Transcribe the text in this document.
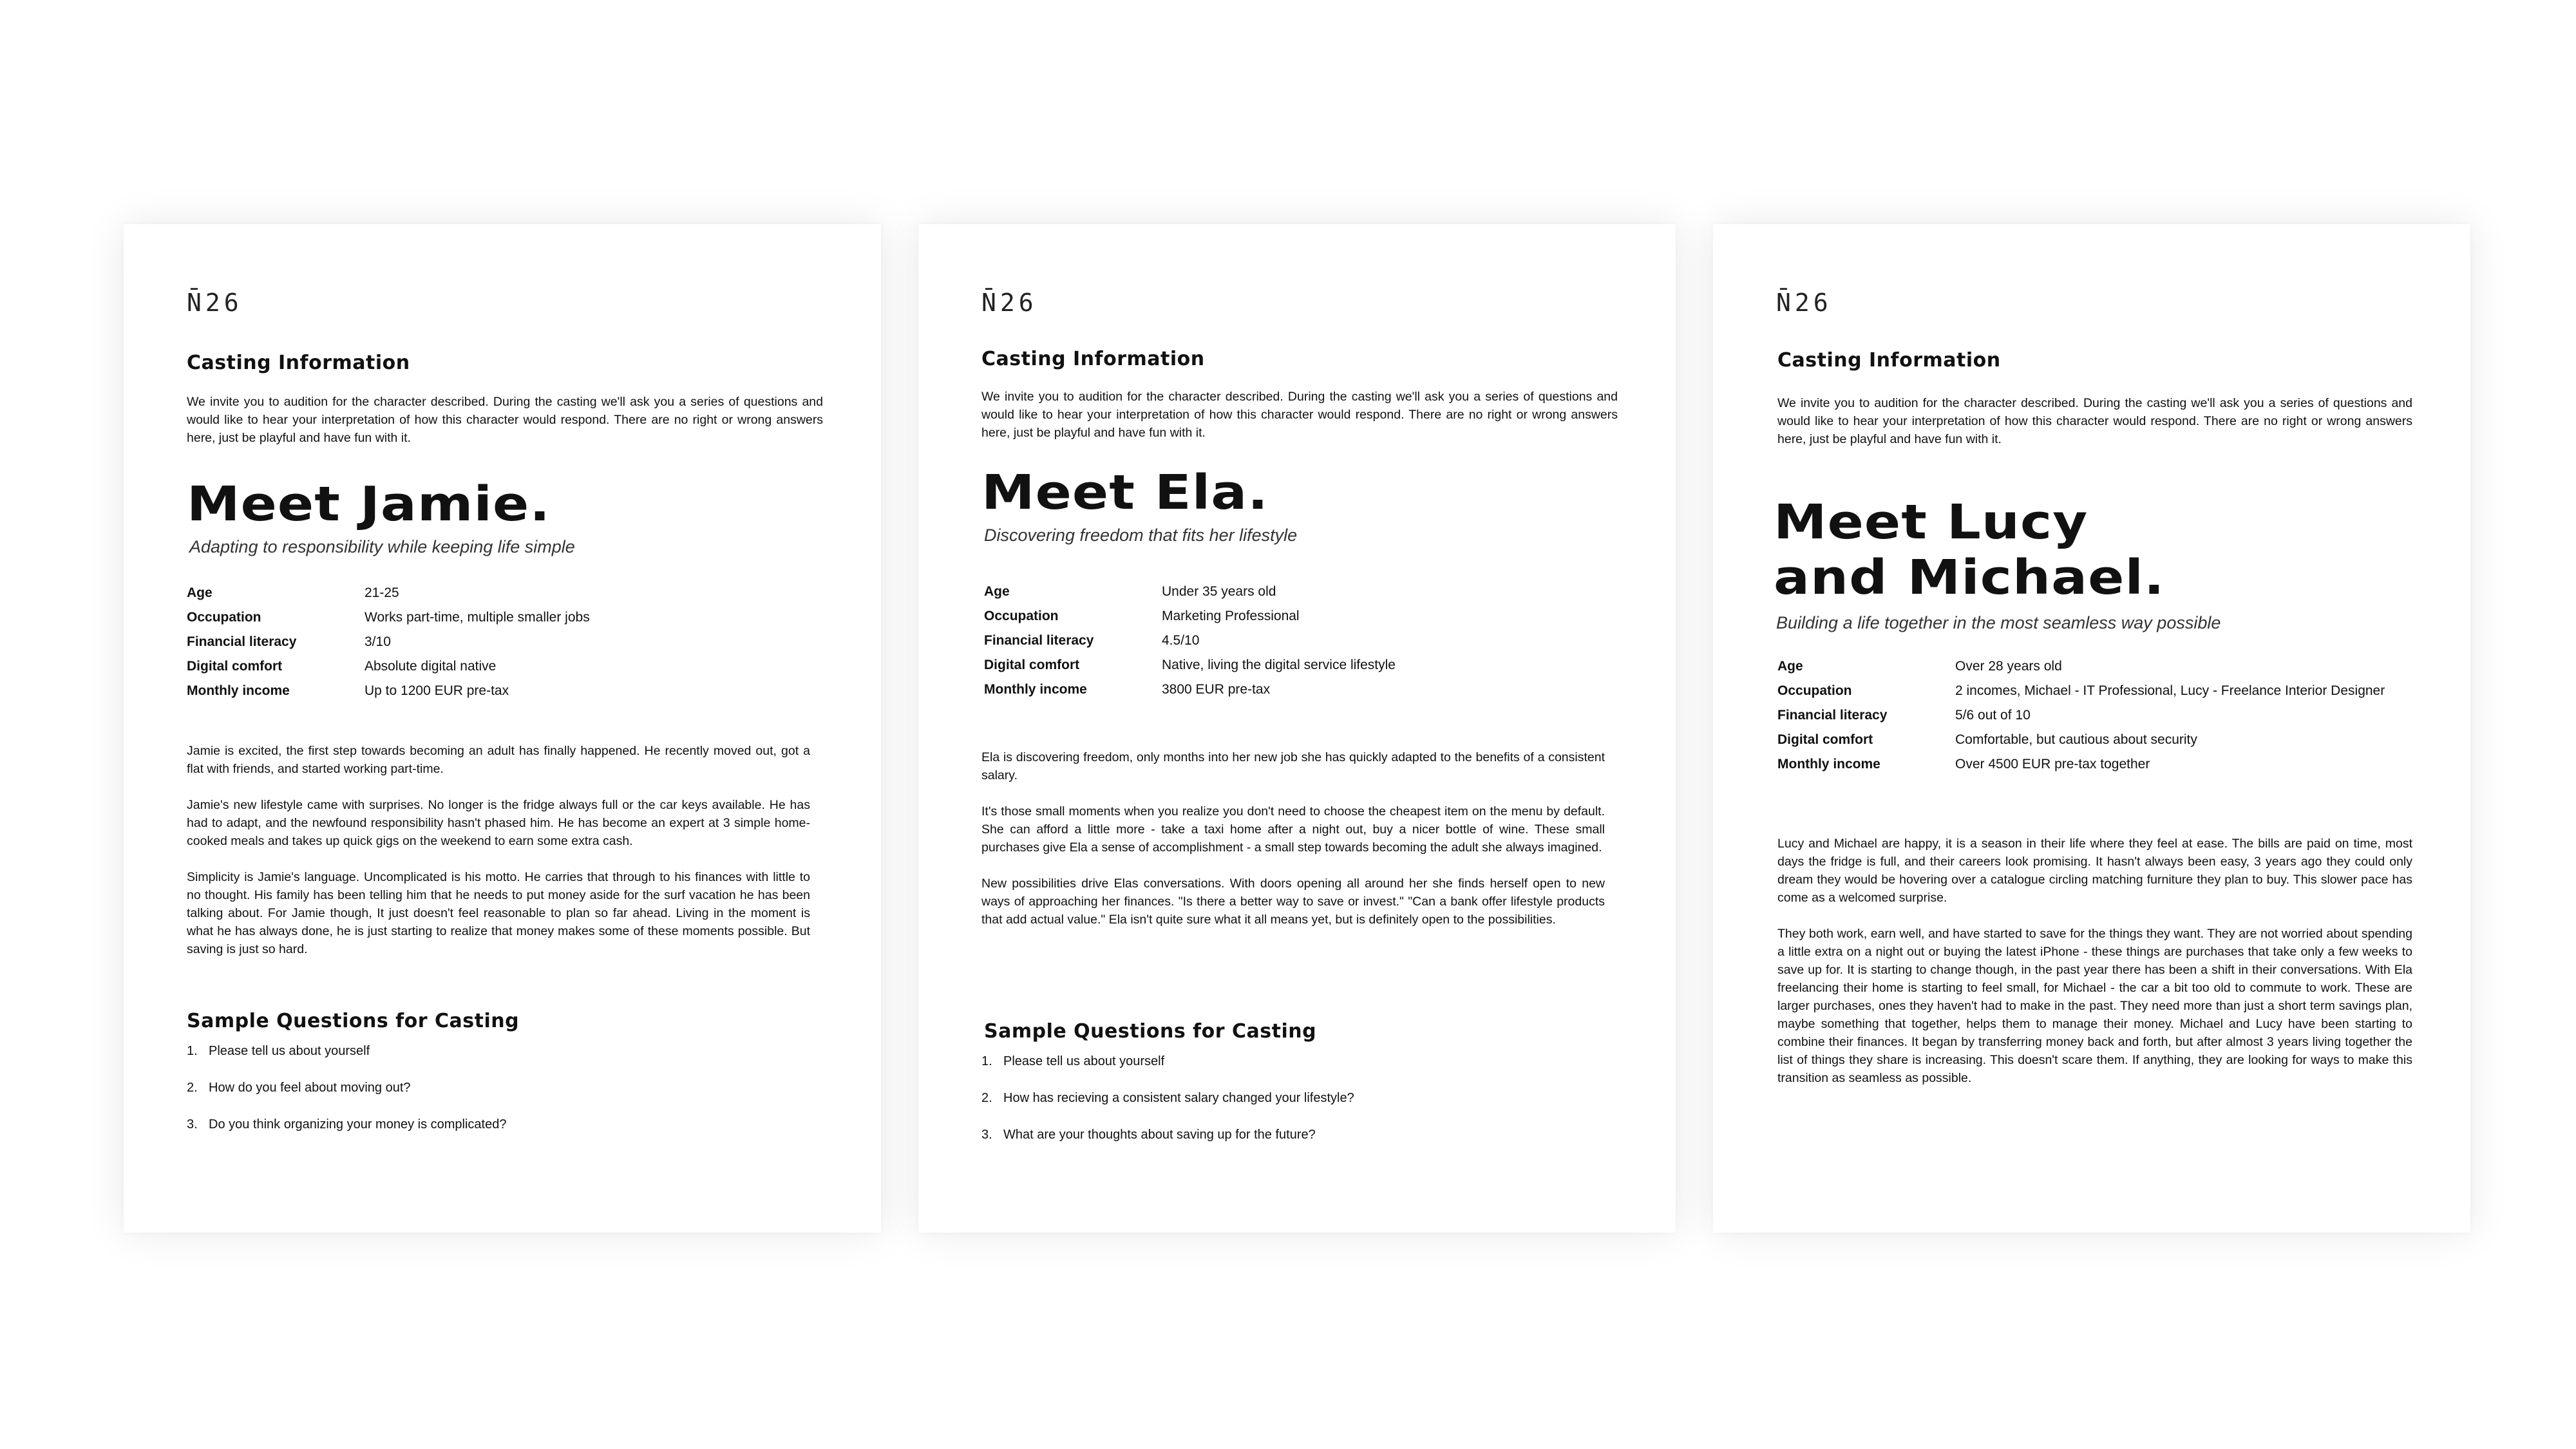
N̄26
Casting Information

We invite you to audition for the character described. During the casting we'll ask you a series of questions and would like to hear your interpretation of how this character would respond. There are no right or wrong answers here, just be playful and have fun with it.

Meet Jamie.

Adapting to responsibility while keeping life simple

Age	21-25
Occupation	Works part-time, multiple smaller jobs
Financial literacy	3/10
Digital comfort	Absolute digital native
Monthly income	Up to 1200 EUR pre-tax

Jamie is excited, the first step towards becoming an adult has finally happened. He recently moved out, got a flat with friends, and started working part-time.

Jamie's new lifestyle came with surprises. No longer is the fridge always full or the car keys available. He has had to adapt, and the newfound responsibility hasn't phased him. He has become an expert at 3 simple home-cooked meals and takes up quick gigs on the weekend to earn some extra cash.

Simplicity is Jamie's language. Uncomplicated is his motto. He carries that through to his finances with little to no thought. His family has been telling him that he needs to put money aside for the surf vacation he has been talking about. For Jamie though, It just doesn't feel reasonable to plan so far ahead. Living in the moment is what he has always done, he is just starting to realize that money makes some of these moments possible. But saving is just so hard.

Sample Questions for Casting
1. Please tell us about yourself
2. How do you feel about moving out?
3. Do you think organizing your money is complicated?
N̄26
Casting Information

We invite you to audition for the character described. During the casting we'll ask you a series of questions and would like to hear your interpretation of how this character would respond. There are no right or wrong answers here, just be playful and have fun with it.

Meet Ela.

Discovering freedom that fits her lifestyle

Age	Under 35 years old
Occupation	Marketing Professional
Financial literacy	4.5/10
Digital comfort	Native, living the digital service lifestyle
Monthly income	3800 EUR pre-tax

Ela is discovering freedom, only months into her new job she has quickly adapted to the benefits of a consistent salary.

It's those small moments when you realize you don't need to choose the cheapest item on the menu by default. She can afford a little more - take a taxi home after a night out, buy a nicer bottle of wine. These small purchases give Ela a sense of accomplishment - a small step towards becoming the adult she always imagined.

New possibilities drive Elas conversations. With doors opening all around her she finds herself open to new ways of approaching her finances. "Is there a better way to save or invest." "Can a bank offer lifestyle products that add actual value." Ela isn't quite sure what it all means yet, but is definitely open to the possibilities.

Sample Questions for Casting
1. Please tell us about yourself
2. How has recieving a consistent salary changed your lifestyle?
3. What are your thoughts about saving up for the future?
N̄26
Casting Information

We invite you to audition for the character described. During the casting we'll ask you a series of questions and would like to hear your interpretation of how this character would respond. There are no right or wrong answers here, just be playful and have fun with it.

Meet Lucy
and Michael.

Building a life together in the most seamless way possible

Age	Over 28 years old
Occupation	2 incomes, Michael - IT Professional, Lucy - Freelance Interior Designer
Financial literacy	5/6 out of 10
Digital comfort	Comfortable, but cautious about security
Monthly income	Over 4500 EUR pre-tax together

Lucy and Michael are happy, it is a season in their life where they feel at ease. The bills are paid on time, most days the fridge is full, and their careers look promising. It hasn't always been easy, 3 years ago they could only dream they would be hovering over a catalogue circling matching furniture they plan to buy. This slower pace has come as a welcomed surprise.

They both work, earn well, and have started to save for the things they want. They are not worried about spending a little extra on a night out or buying the latest iPhone - these things are purchases that take only a few weeks to save up for. It is starting to change though, in the past year there has been a shift in their conversations. With Ela freelancing their home is starting to feel small, for Michael - the car a bit too old to commute to work. These are larger purchases, ones they haven't had to make in the past. They need more than just a short term savings plan, maybe something that together, helps them to manage their money. Michael and Lucy have been starting to combine their finances. It began by transferring money back and forth, but after almost 3 years living together the list of things they share is increasing. This doesn't scare them. If anything, they are looking for ways to make this transition as seamless as possible.
